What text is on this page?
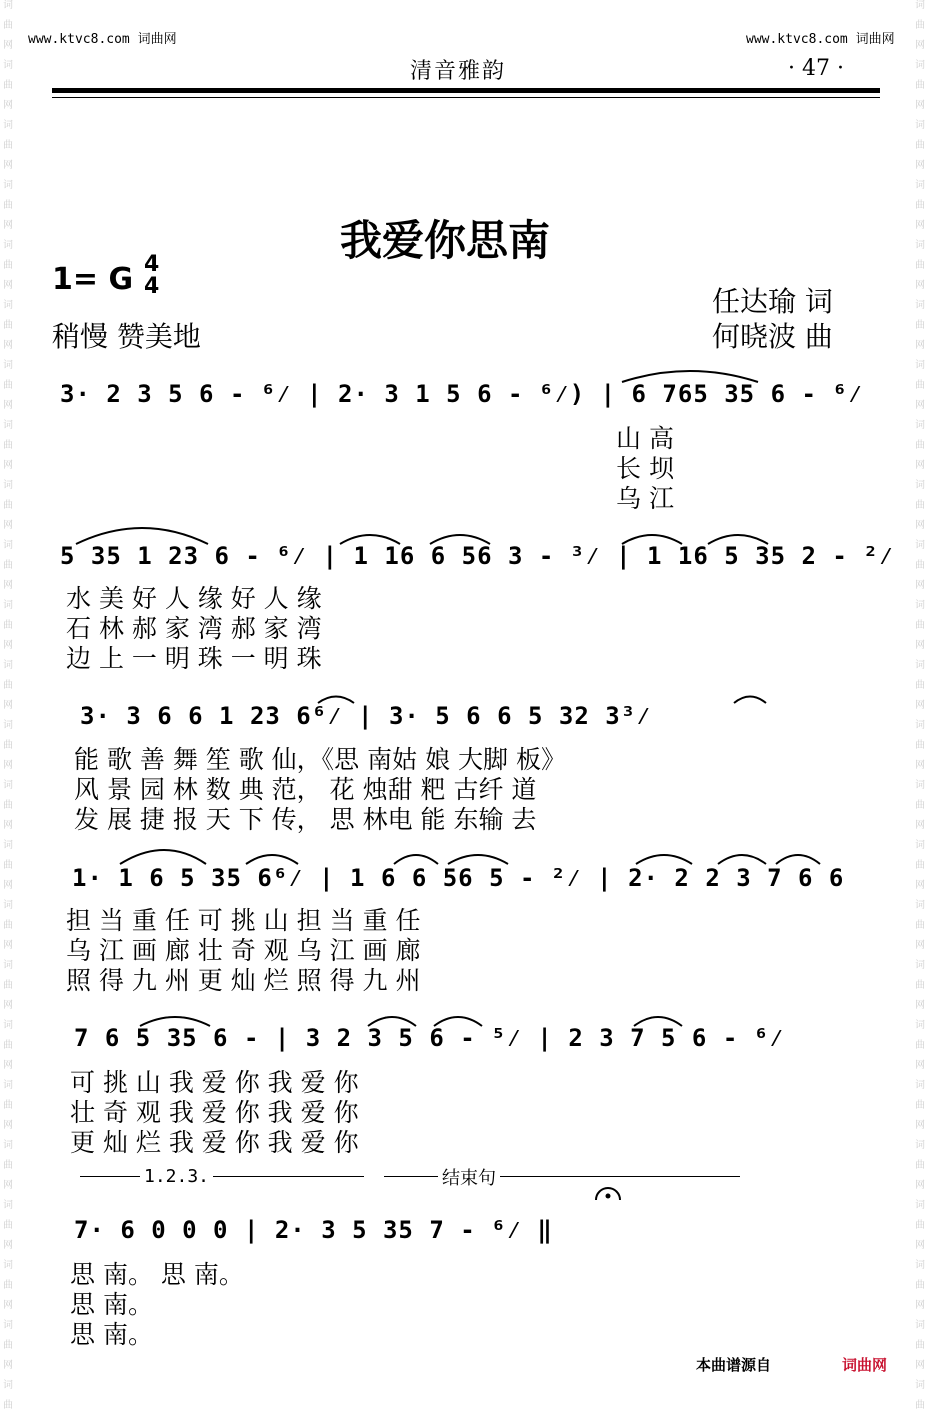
词
曲
网
词
曲
网
词
曲
网
词
曲
网
词
曲
网
词
曲
网
词
曲
网
词
曲
网
词
曲
网
词
曲
网
词
曲
网
词
曲
网
词
曲
网
词
曲
网
词
曲
网
词
曲
网
词
曲
网
词
曲
网
词
曲
网
词
曲
网
词
曲
网
词
曲
网
词
曲
网
词
曲
词
曲
网
词
曲
网
词
曲
网
词
曲
网
词
曲
网
词
曲
网
词
曲
网
词
曲
网
词
曲
网
词
曲
网
词
曲
网
词
曲
网
词
曲
网
词
曲
网
词
曲
网
词
曲
网
词
曲
网
词
曲
网
词
曲
网
词
曲
网
词
曲
网
词
曲
网
词
曲
网
词
曲
www.ktvc8.com 词曲网	www.ktvc8.com 词曲网
清音雅韵	· 47 ·
我爱你思南
1= G 4
4
稍慢 赞美地
任达瑜 词
何晓波 曲
3· 2 3 5 6 - ⁶⁄ | 2· 3 1 5 6 - ⁶⁄) | 6 765 35 6 - ⁶⁄
山 高
长 坝
乌 江
5 35 1 23 6 - ⁶⁄ | 1 16 6 56 3 - ³⁄ | 1 16 5 35 2 - ²⁄
水 美 好 人 缘 好 人 缘
石 林 郝 家 湾 郝 家 湾
边 上 一 明 珠 一 明 珠
3· 3 6 6 1 23 6⁶⁄ | 3· 5 6 6 5 32 3³⁄
能 歌 善 舞 笙 歌 仙，《思 南姑 娘 大脚 板》
风 景 园 林 数 典 范， 花 烛甜 粑 古纤 道
发 展 捷 报 天 下 传， 思 林电 能 东输 去
1· 1 6 5 35 6⁶⁄ | 1 6 6 56 5 - ²⁄ | 2· 2 2 3 7 6 6
担 当 重 任 可 挑 山 担 当 重 任
乌 江 画 廊 壮 奇 观 乌 江 画 廊
照 得 九 州 更 灿 烂 照 得 九 州
7 6 5 35 6 - | 3 2 3 5 6 - ⁵⁄ | 2 3 7 5 6 - ⁶⁄
可 挑 山 我 爱 你 我 爱 你
壮 奇 观 我 爱 你 我 爱 你
更 灿 烂 我 爱 你 我 爱 你
1.2.3.	结束句
7· 6 0 0 0 | 2· 3 5 35 7 - ⁶⁄ ‖
思 南。 思 南。
思 南。
思 南。
本曲谱源自	词曲网
